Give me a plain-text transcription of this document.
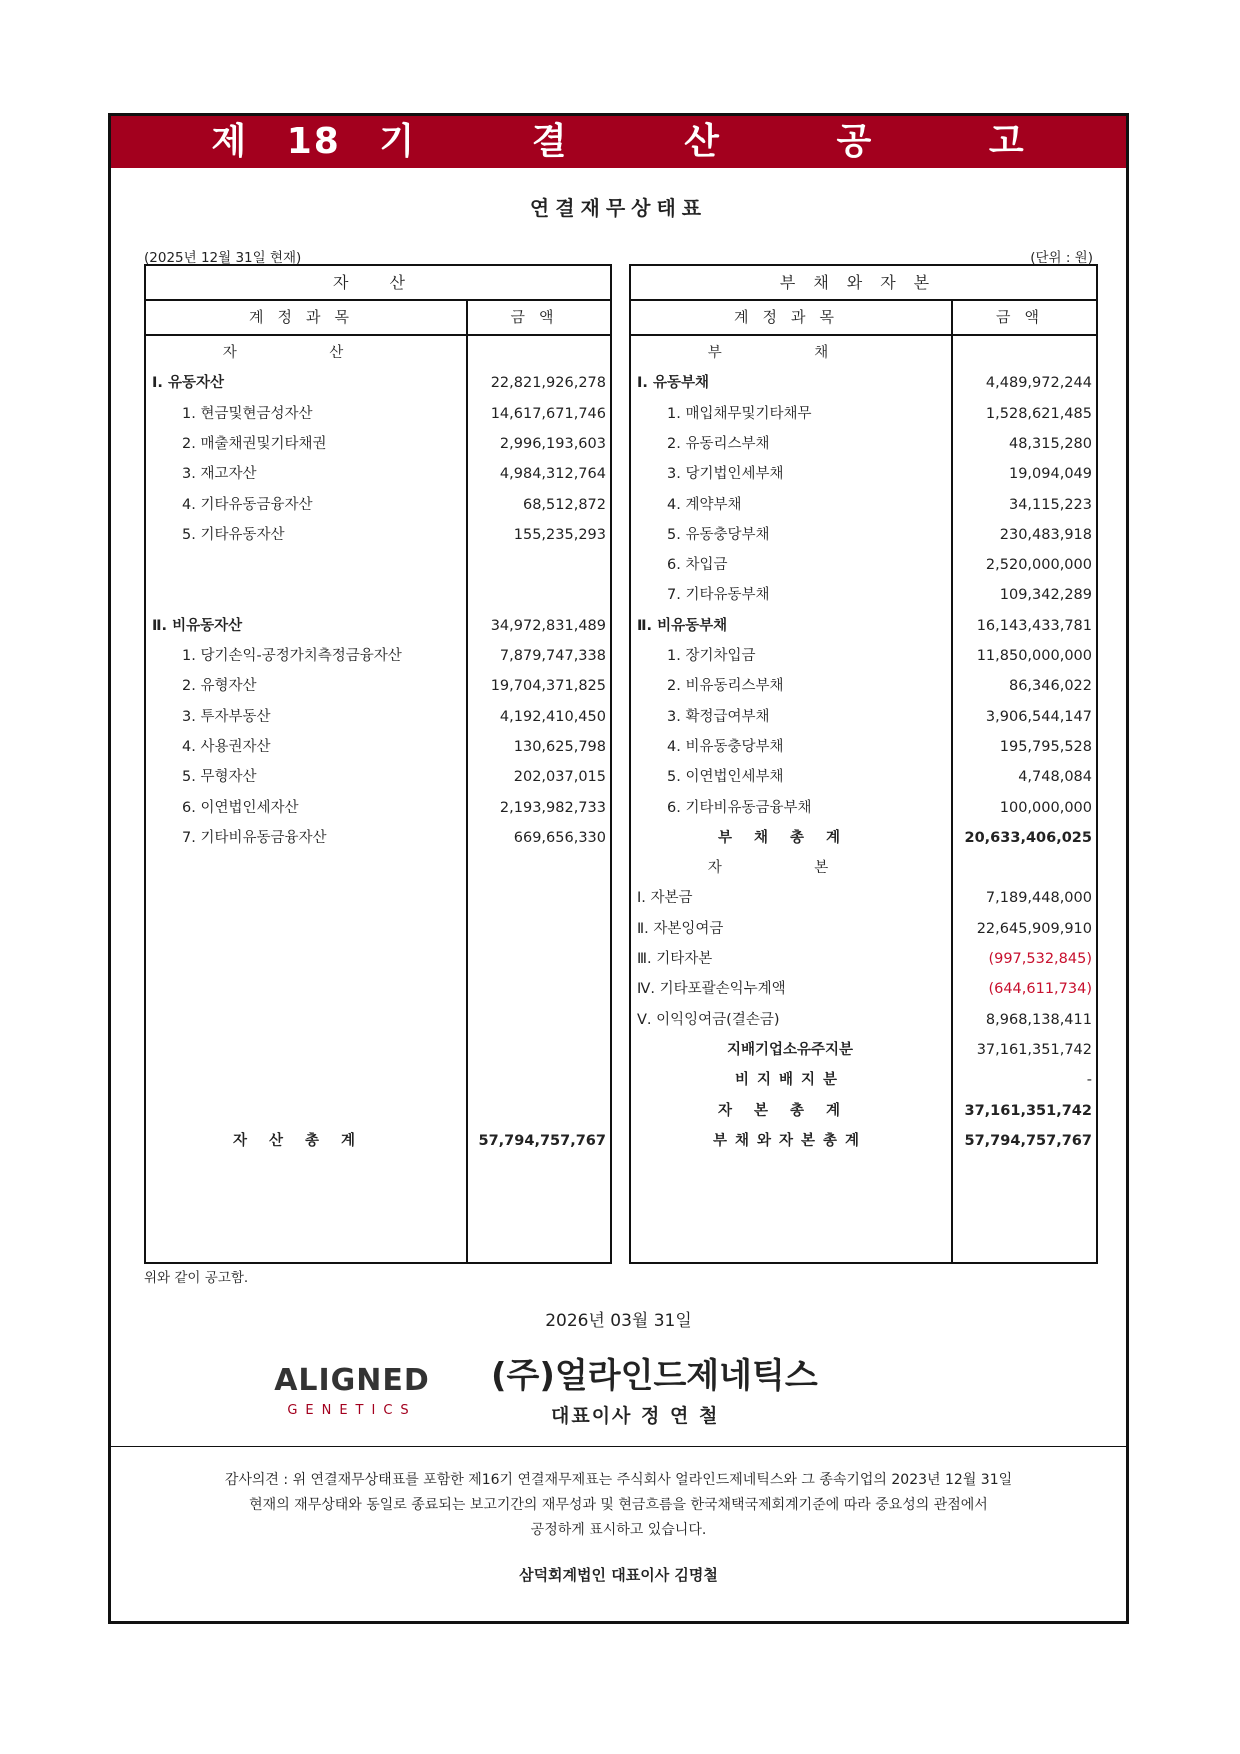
제 18 기   결   산   공   고
연결재무상태표
(2025년 12월 31일 현재)	(단위 : 원)
자 산
계정과목	금액
자 산
Ⅰ. 유동자산	22,821,926,278
1. 현금및현금성자산	14,617,671,746
2. 매출채권및기타채권	2,996,193,603
3. 재고자산	4,984,312,764
4. 기타유동금융자산	68,512,872
5. 기타유동자산	155,235,293
Ⅱ. 비유동자산	34,972,831,489
1. 당기손익-공정가치측정금융자산	7,879,747,338
2. 유형자산	19,704,371,825
3. 투자부동산	4,192,410,450
4. 사용권자산	130,625,798
5. 무형자산	202,037,015
6. 이연법인세자산	2,193,982,733
7. 기타비유동금융자산	669,656,330
자산총계	57,794,757,767
부채와자본
계정과목	금액
부 채
Ⅰ. 유동부채	4,489,972,244
1. 매입채무및기타채무	1,528,621,485
2. 유동리스부채	48,315,280
3. 당기법인세부채	19,094,049
4. 계약부채	34,115,223
5. 유동충당부채	230,483,918
6. 차입금	2,520,000,000
7. 기타유동부채	109,342,289
Ⅱ. 비유동부채	16,143,433,781
1. 장기차입금	11,850,000,000
2. 비유동리스부채	86,346,022
3. 확정급여부채	3,906,544,147
4. 비유동충당부채	195,795,528
5. 이연법인세부채	4,748,084
6. 기타비유동금융부채	100,000,000
부채총계	20,633,406,025
자 본
Ⅰ. 자본금	7,189,448,000
Ⅱ. 자본잉여금	22,645,909,910
Ⅲ. 기타자본	(997,532,845)
Ⅳ. 기타포괄손익누계액	(644,611,734)
Ⅴ. 이익잉여금(결손금)	8,968,138,411
지배기업소유주지분	37,161,351,742
비지배지분	-
자본총계	37,161,351,742
부채와자본총계	57,794,757,767
위와 같이 공고함.
2026년 03월 31일
ALIGNED
GENETICS
(주)얼라인드제네틱스
대표이사 정 연 철
감사의견 : 위 연결재무상태표를 포함한 제16기 연결재무제표는 주식회사 얼라인드제네틱스와 그 종속기업의 2023년 12월 31일
현재의 재무상태와 동일로 종료되는 보고기간의 재무성과 및 현금흐름을 한국채택국제회계기준에 따라 중요성의 관점에서
공정하게 표시하고 있습니다.
삼덕회계법인 대표이사 김명철
